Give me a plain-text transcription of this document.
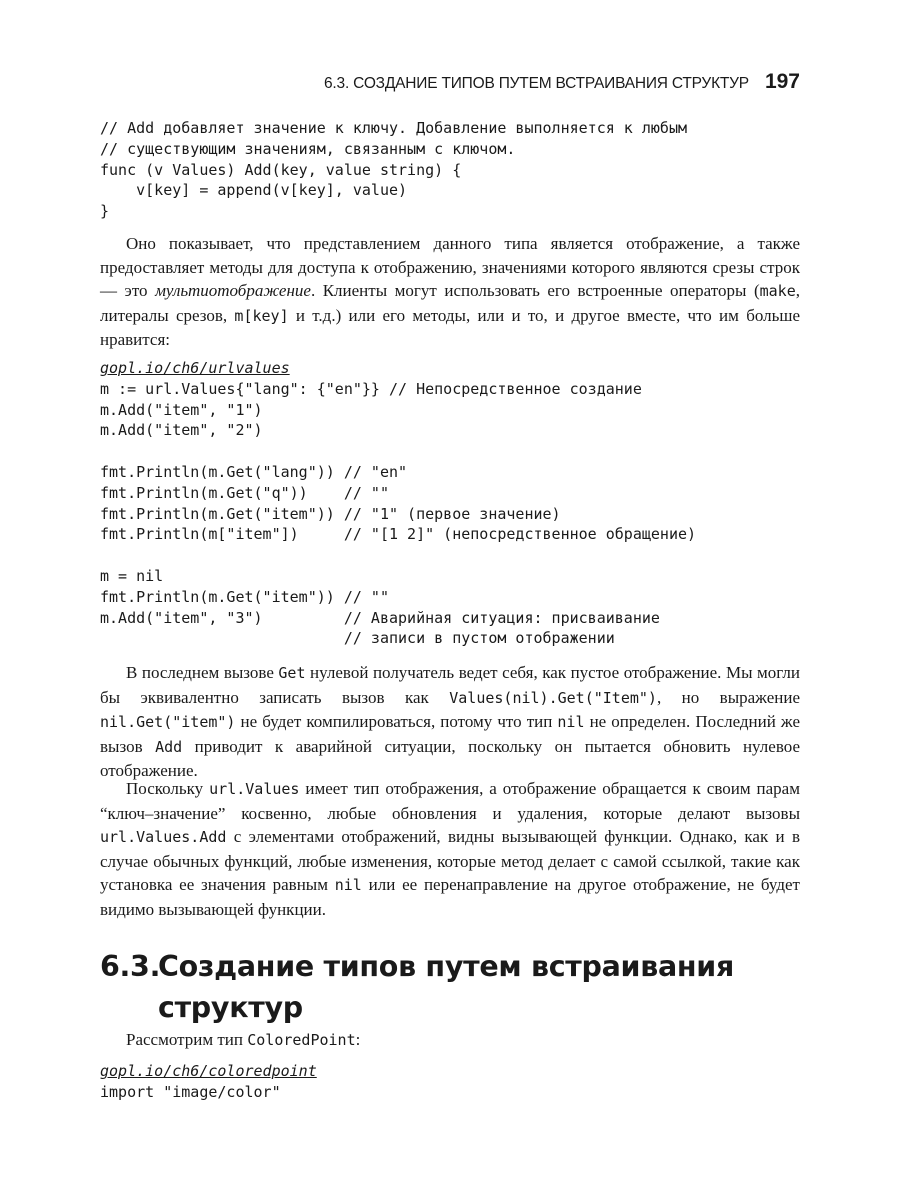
6.3. СОЗДАНИЕ ТИПОВ ПУТЕМ ВСТРАИВАНИЯ СТРУКТУР 197
// Add добавляет значение к ключу. Добавление выполняется к любым
// существующим значениям, связанным с ключом.
func (v Values) Add(key, value string) {
v[key] = append(v[key], value)
}

Оно показывает, что представлением данного типа является отображение, а также предоставляет методы для доступа к отображению, значениями которого являются срезы строк — это мультиотображение. Клиенты могут использовать его встроенные операторы (make, литералы срезов, m[key] и т.д.) или его методы, или и то, и другое вместе, что им больше нравится:

gopl.io/ch6/urlvalues
m := url.Values{"lang": {"en"}} // Непосредственное создание
m.Add("item", "1")
m.Add("item", "2")
fmt.Println(m.Get("lang")) // "en"
fmt.Println(m.Get("q"))    // ""
fmt.Println(m.Get("item")) // "1" (первое значение)
fmt.Println(m["item"])     // "[1 2]" (непосредственное обращение)
m = nil
fmt.Println(m.Get("item")) // ""
m.Add("item", "3")         // Аварийная ситуация: присваивание
// записи в пустом отображении

В последнем вызове Get нулевой получатель ведет себя, как пустое отображение. Мы могли бы эквивалентно записать вызов как Values(nil).Get("Item"), но выражение nil.Get("item") не будет компилироваться, потому что тип nil не определен. Последний же вызов Add приводит к аварийной ситуации, поскольку он пытается обновить нулевое отображение.

Поскольку url.Values имеет тип отображения, а отображение обращается к своим парам “ключ–значение” косвенно, любые обновления и удаления, которые делают вызовы url.Values.Add с элементами отображений, видны вызывающей функции. Однако, как и в случае обычных функций, любые изменения, которые метод делает с самой ссылкой, такие как установка ее значения равным nil или ее перенаправление на другое отображение, не будет видимо вызывающей функции.

6.3.Создание типов путем встраивания
структур

Рассмотрим тип ColoredPoint:

gopl.io/ch6/coloredpoint
import "image/color"
